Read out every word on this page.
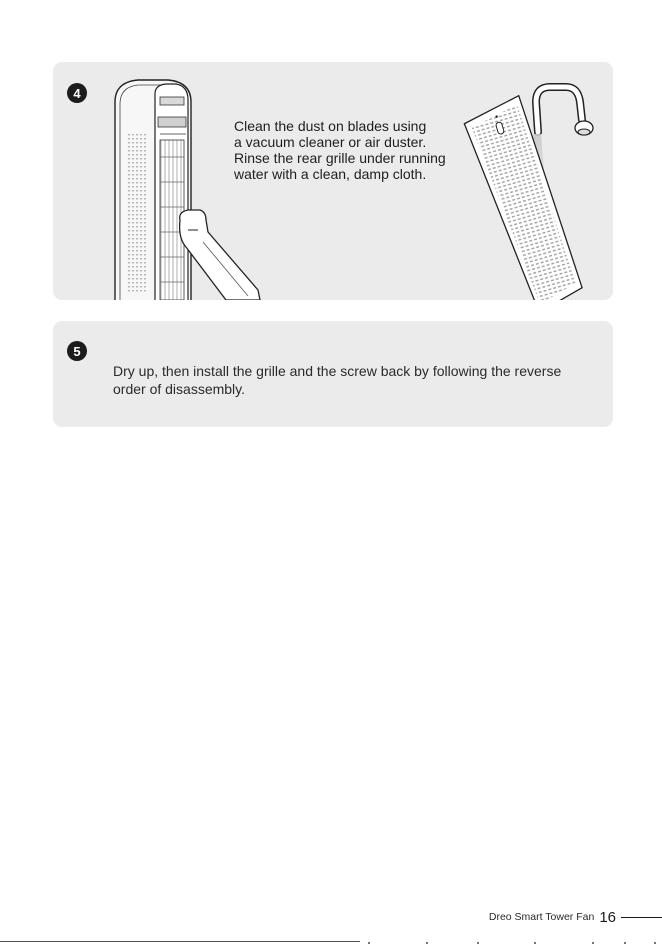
4
Clean the dust on blades using
a vacuum cleaner or air duster.
Rinse the rear grille under running
water with a clean, damp cloth.
5
Dry up, then install the grille and the screw back by following the reverse order of disassembly.
Dreo Smart Tower Fan 16
